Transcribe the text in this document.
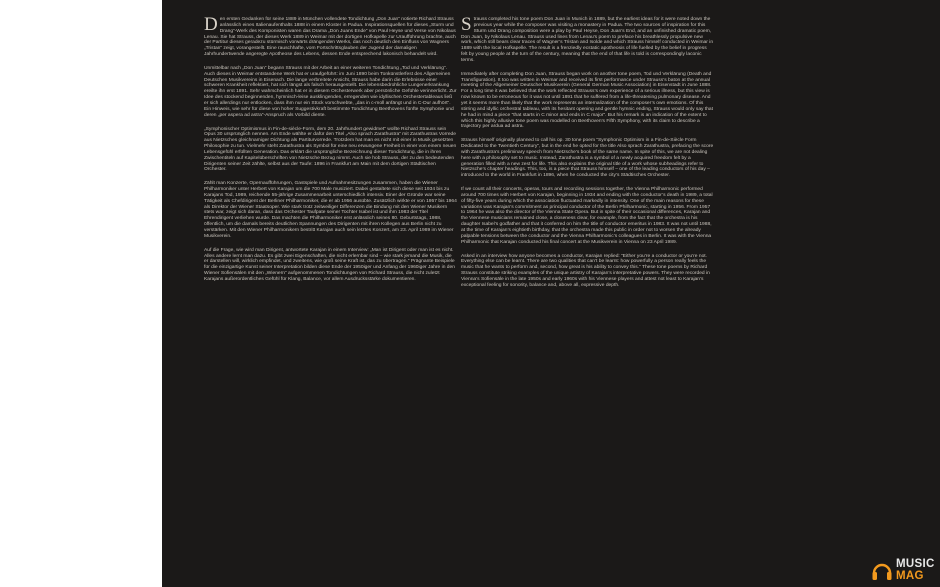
Den ersten Gedanken für seine 1889 in München vollendete Tondichtung „Don Juan“ notierte Richard Strauss anlässlich eines Italienaufenthalts 1888 in einem Kloster in Padua. Inspirationsquellen für dieses „Sturm und Drang“-Werk des Komponisten waren das Drama „Don Juans Ende“ von Paul Heyse und Verse von Nikolaus Lenau. Sie hat Strauss, der dieses Werk 1889 in Weimar mit der dortigen Hofkapelle zur Uraufführung brachte, auch der Partitur dieses geradezu stürmisch vorwärts drängenden Werks, das noch deutlich den Einfluss von Wagners „Tristan“ zeigt, vorangestellt. Eine rauschhafte, vom Fortschrittsglauben der Jugend der damaligen Jahrhundertwende angeregte Apotheose des Lebens, dessen Ende entsprechend lakonisch behandelt wird.

Unmittelbar nach „Don Juan“ begann Strauss mit der Arbeit an einer weiteren Tondichtung „Tod und Verklärung“. Auch dieses in Weimar entstandene Werk hat er uraufgeführt: im Juni 1890 beim Tonkünstlerfest des Allgemeinen Deutschen Musikvereins in Eisenach. Die lange verbreitete Ansicht, Strauss habe darin die Erlebnisse einer schweren Krankheit reflektiert, hat sich längst als falsch herausgestellt. Die lebensbedrohliche Lungenerkrankung ereilte ihn erst 1891. Sehr wahrscheinlich hat er in diesem Orchesterwerk aber persönliche Gefühle verinnerlicht. Zur Idee des stockend beginnenden, hymnisch-leise ausklingenden, erregenden wie idyllischen Orchestertableaus ließ er sich allerdings nur entlocken, dass ihm nur ein Stück vorschwebte, „das in c-moll anfängt und in C-Dur aufhört“. Ein Hinweis, wie sehr für diese von hoher Suggestivkraft bestimmte Tondichtung Beethovens fünfte Symphonie und deren „per aspera ad astra“-Anspruch als Vorbild diente.

„Symphonischer Optimismus in Fin-de-siècle-Form, dem 20. Jahrhundert gewidmet“ wollte Richard Strauss sein Opus 30 ursprünglich nennen. Am Ende wählte er dafür den Titel „Also sprach Zarathustra“ mit Zarathustras Vorrede aus Nietzsches gleichnamiger Dichtung als Partiturvorrede. Trotzdem hat man es nicht mit einer in Musik gesetzten Philosophie zu tun. Vielmehr steht Zarathustra als Symbol für eine neu erwungene Freiheit in einer von einem neuen Lebensgefühl erfüllten Generation. Das erklärt die ursprüngliche Bezeichnung dieser Tondichtung, die in ihren Zwischentiteln auf Kapitelüberschriften von Nietzsche Bezug nimmt. Auch sie hob Strauss, der zu den bedeutenden Dirigenten seiner Zeit zählte, selbst aus der Taufe: 1896 in Frankfurt am Main mit dem dortigen Städtischen Orchester.

Zählt man Konzerte, Opernaufführungen, Gastspiele und Aufnahmesitzungen zusammen, haben die Wiener Philharmoniker unter Herbert von Karajan um die 700 Male musiziert. Dabei gestaltete sich diese seit 1934 bis zu Karajans Tod, 1989, reichende 55-jährige Zusammenarbeit unterschiedlich intensiv. Einer der Gründe war seine Tätigkeit als Chefdirigent der Berliner Philharmoniker, die er ab 1956 ausübte. Zusätzlich wirkte er von 1957 bis 1964 als Direktor der Wiener Staatsoper. Wie stark trotz zeitweiliger Differenzen die Bindung mit den Wiener Musikern stets war, zeigt sich daran, dass das Orchester Taufpate seiner Tochter Isabel ist und ihm 1983 der Titel Ehrendirigent verliehen wurde. Das machten die Philharmoniker erst anlässlich seines 80. Geburtstags, 1988, öffentlich, um die damals bereits deutlichen Spannungen des Dirigenten mit ihren Kollegen aus Berlin nicht zu verstärken. Mit den Wiener Philharmonikern bestritt Karajan auch sein letztes Konzert, am 23. April 1989 im Wiener Musikverein.

Auf die Frage, wie wird man Dirigent, antwortete Karajan in einem Interview: „Man ist Dirigent oder man ist es nicht. Alles andere lernt man dazu. Es gibt zwei Eigenschaften, die nicht erlernbar sind – wie stark jemand die Musik, die er darstellen will, wirklich empfindet, und zweitens, wie groß seine Kraft ist, das zu übertragen.“ Prägnante Beispiele für die einzigartige Kunst seiner Interpretation bilden diese Ende der 1950iger und Anfang der 1960iger Jahre in den Wiener Sofiensälen mit den „Wienern“ aufgenommenen Tondichtungen von Richard Strauss, die nicht zuletzt Karajans außerordentliches Gefühl für Klang, Balance, vor allem Ausdrucksstärke dokumentieren.

Strauss completed his tone poem Don Juan in Munich in 1889, but the earliest ideas for it were noted down the previous year while the composer was visiting a monastery in Padua. The two sources of inspiration for this Sturm und Drang composition were a play by Paul Heyse, Don Juan’s End, and an unfinished dramatic poem, Don Juan, by Nikolaus Lenau. Strauss used lines from Lenau’s poem to preface his breathlessly propulsive new work, which still bears clear traces of Wagner’s Tristan and Isolde and which Strauss himself conducted in Weimar in 1889 with the local Hofkapelle. The result is a frenziedly ecstatic apotheosis of life fuelled by the belief in progress felt by young people at the turn of the century, meaning that the end of that life is told is correspondingly laconic terms.

Immediately after completing Don Juan, Strauss began work on another tone poem, Tod und Verklärung (Death and Transfiguration). It too was written in Weimar and received its first performance under Strauss’s baton at the annual meeting of the Allgemeiner Deutscher Musikverein (General German Music Association) in Eisenstadt in June 1888. For a long time it was believed that the work reflected Strauss’s own experience of a serious illness, but this view is now known to be erroneous for it was not until 1891 that he suffered from a life-threatening pulmonary disease. And yet it seems more than likely that the work represents an internalization of the composer’s own emotions. Of this stirring and idyllic orchestral tableau, with its hesitant opening and gentle hymnic ending, Strauss would only say that he had in mind a piece “that starts in C minor and ends in C major”. But his remark is an indication of the extent to which this highly allusive tone poem was modelled on Beethoven’s Fifth Symphony, with its claim to describe a trajectory per ardua ad astra.

Strauss himself originally planned to call his op. 30 tone poem “Symphonic Optimism in a Fin-de-Siècle Form Dedicated to the Twentieth Century”, but in the end he opted for the title Also sprach Zarathustra, prefacing the score with Zarathustra’s preliminary speech from Nietzsche’s book of the same name. In spite of this, we are not dealing here with a philosophy set to music. Instead, Zarathustra is a symbol of a newly acquired freedom felt by a generation filled with a new zest for life. This also explains the original title of a work whose subheadings refer to Nietzsche’s chapter headings. This, too, is a piece that Strauss himself – one of the leading conductors of his day – introduced to the world in Frankfurt in 1896, when he conducted the city’s Städtisches Orchester.

If we count all their concerts, operas, tours and recording sessions together, the Vienna Philharmonic performed around 700 times with Herbert von Karajan, beginning in 1934 and ending with the conductor’s death in 1989, a total of fifty-five years during which the association fluctuated markedly in intensity. One of the main reasons for these variations was Karajan’s commitment as principal conductor of the Berlin Philharmonic, starting in 1956. From 1957 to 1964 he was also the director of the Vienna State Opera. But in spite of their occasional differences, Karajan and the Viennese musicians remained close, a closeness clear, for example, from the fact that the orchestra is his daughter Isabel’s godfather and that it conferred on him the title of conductor emeritus in 1983. It was not until 1988, at the time of Karajan’s eightieth birthday, that the orchestra made this public in order not to worsen the already palpable tensions between the conductor and the Vienna Philharmonic’s colleagues in Berlin. It was with the Vienna Philharmonic that Karajan conducted his final concert at the Musikverein in Vienna on 23 April 1989.

Asked in an interview how anyone becomes a conductor, Karajan replied: “Either you’re a conductor or you’re not. Everything else can be learnt. There are two qualities that can’t be learnt: how powerfully a person really feels the music that he wants to perform and, second, how great is his ability to convey this.” These tone poems by Richard Strauss constitute striking examples of the unique artistry of Karajan’s interpretative powers. They were recorded in Vienna’s Sofiensäle in the late 1950s and early 1960s with his Viennese players and attest not least to Karajan’s exceptional feeling for sonority, balance and, above all, expressive depth.

MUSIC
MAG
